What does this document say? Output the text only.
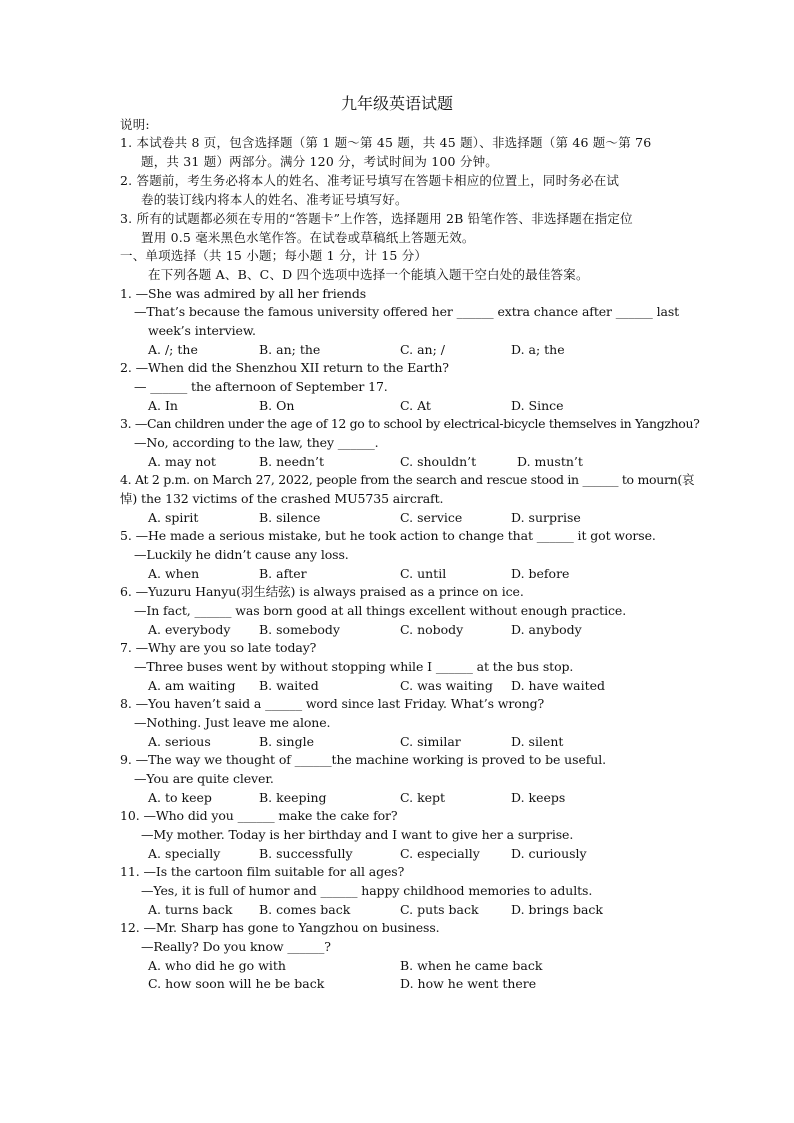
九年级英语试题
说明:
1. 本试卷共 8 页，包含选择题（第 1 题～第 45 题，共 45 题）、非选择题（第 46 题～第 76
题，共 31 题）两部分。满分 120 分，考试时间为 100 分钟。
2. 答题前，考生务必将本人的姓名、准考证号填写在答题卡相应的位置上，同时务必在试
卷的装订线内将本人的姓名、准考证号填写好。
3. 所有的试题都必须在专用的“答题卡”上作答，选择题用 2B 铅笔作答、非选择题在指定位
置用 0.5 毫米黑色水笔作答。在试卷或草稿纸上答题无效。
一、单项选择（共 15 小题；每小题 1 分，计 15 分）
在下列各题 A、B、C、D 四个选项中选择一个能填入题干空白处的最佳答案。
1. —She was admired by all her friends
—That’s because the famous university offered her ______ extra chance after ______ last
week’s interview.
A. /; the	B. an; the	C. an; /	D. a; the
2. —When did the Shenzhou XII return to the Earth?
— ______ the afternoon of September 17.
A. In	B. On	C. At	D. Since
3. —Can children under the age of 12 go to school by electrical-bicycle themselves in Yangzhou?
—No, according to the law, they ______.
A. may not	B. needn’t	C. shouldn’t	D. mustn’t
4. At 2 p.m. on March 27, 2022, people from the search and rescue stood in ______ to mourn(哀
悼) the 132 victims of the crashed MU5735 aircraft.
A. spirit	B. silence	C. service	D. surprise
5. —He made a serious mistake, but he took action to change that ______ it got worse.
—Luckily he didn’t cause any loss.
A. when	B. after	C. until	D. before
6. —Yuzuru Hanyu(羽生结弦) is always praised as a prince on ice.
—In fact, ______ was born good at all things excellent without enough practice.
A. everybody B. somebody	C. nobody	D. anybody
7. —Why are you so late today?
—Three buses went by without stopping while I ______ at the bus stop.
A. am waiting B. waited	C. was waiting D. have waited
8. —You haven’t said a ______ word since last Friday. What’s wrong?
—Nothing. Just leave me alone.
A. serious	B. single	C. similar	D. silent
9. —The way we thought of ______the machine working is proved to be useful.
—You are quite clever.
A. to keep	B. keeping	C. kept	D. keeps
10. —Who did you ______ make the cake for?
—My mother. Today is her birthday and I want to give her a surprise.
A. specially	B. successfully	C. especially D. curiously
11. —Is the cartoon film suitable for all ages?
—Yes, it is full of humor and ______ happy childhood memories to adults.
A. turns back B. comes back	C. puts back	D. brings back
12. —Mr. Sharp has gone to Yangzhou on business.
—Really? Do you know ______?
A. who did he go with	B. when he came back
C. how soon will he be back	D. how he went there
